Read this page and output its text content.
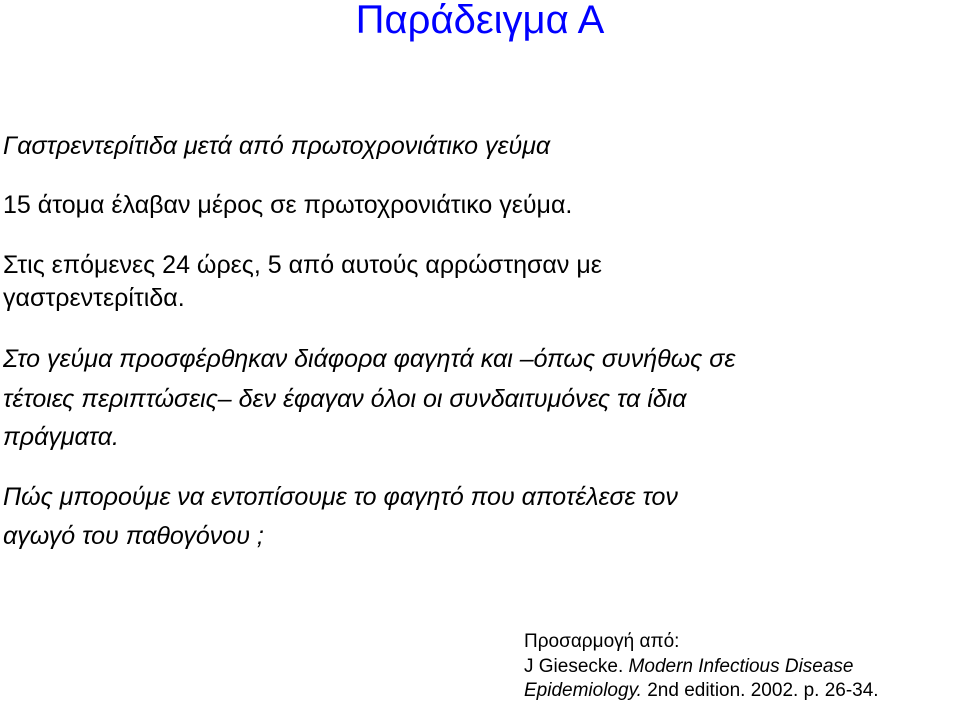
Παράδειγμα Α
Γαστρεντερίτιδα μετά από πρωτοχρονιάτικο γεύμα
15 άτομα έλαβαν μέρος σε πρωτοχρονιάτικο γεύμα.
Στις επόμενες 24 ώρες, 5 από αυτούς αρρώστησαν με
γαστρεντερίτιδα.
Στο γεύμα προσφέρθηκαν διάφορα φαγητά και –όπως συνήθως σε
τέτοιες περιπτώσεις– δεν έφαγαν όλοι οι συνδαιτυμόνες τα ίδια
πράγματα.
Πώς μπορούμε να εντοπίσουμε το φαγητό που αποτέλεσε τον
αγωγό του παθογόνου ;
Προσαρμογή από:
J Giesecke. Modern Infectious Disease
Epidemiology. 2nd edition. 2002. p. 26-34.
